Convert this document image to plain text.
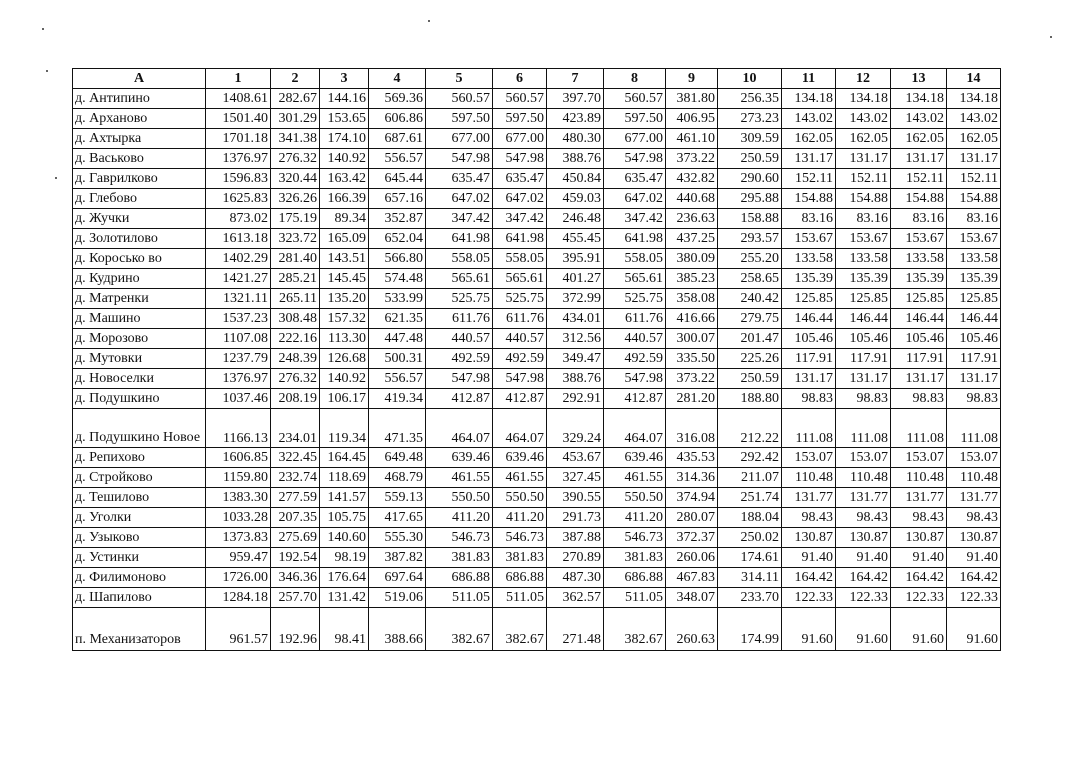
А	1	2	3	4	5	6	7	8	9	10	11	12	13	14
д. Антипино	1408.61	282.67	144.16	569.36	560.57	560.57	397.70	560.57	381.80	256.35	134.18	134.18	134.18	134.18
д. Арханово	1501.40	301.29	153.65	606.86	597.50	597.50	423.89	597.50	406.95	273.23	143.02	143.02	143.02	143.02
д. Ахтырка	1701.18	341.38	174.10	687.61	677.00	677.00	480.30	677.00	461.10	309.59	162.05	162.05	162.05	162.05
д. Васьково	1376.97	276.32	140.92	556.57	547.98	547.98	388.76	547.98	373.22	250.59	131.17	131.17	131.17	131.17
д. Гаврилково	1596.83	320.44	163.42	645.44	635.47	635.47	450.84	635.47	432.82	290.60	152.11	152.11	152.11	152.11
д. Глебово	1625.83	326.26	166.39	657.16	647.02	647.02	459.03	647.02	440.68	295.88	154.88	154.88	154.88	154.88
д. Жучки	873.02	175.19	89.34	352.87	347.42	347.42	246.48	347.42	236.63	158.88	83.16	83.16	83.16	83.16
д. Золотилово	1613.18	323.72	165.09	652.04	641.98	641.98	455.45	641.98	437.25	293.57	153.67	153.67	153.67	153.67
д. Коросько во	1402.29	281.40	143.51	566.80	558.05	558.05	395.91	558.05	380.09	255.20	133.58	133.58	133.58	133.58
д. Кудрино	1421.27	285.21	145.45	574.48	565.61	565.61	401.27	565.61	385.23	258.65	135.39	135.39	135.39	135.39
д. Матренки	1321.11	265.11	135.20	533.99	525.75	525.75	372.99	525.75	358.08	240.42	125.85	125.85	125.85	125.85
д. Машино	1537.23	308.48	157.32	621.35	611.76	611.76	434.01	611.76	416.66	279.75	146.44	146.44	146.44	146.44
д. Морозово	1107.08	222.16	113.30	447.48	440.57	440.57	312.56	440.57	300.07	201.47	105.46	105.46	105.46	105.46
д. Мутовки	1237.79	248.39	126.68	500.31	492.59	492.59	349.47	492.59	335.50	225.26	117.91	117.91	117.91	117.91
д. Новоселки	1376.97	276.32	140.92	556.57	547.98	547.98	388.76	547.98	373.22	250.59	131.17	131.17	131.17	131.17
д. Подушкино	1037.46	208.19	106.17	419.34	412.87	412.87	292.91	412.87	281.20	188.80	98.83	98.83	98.83	98.83
д. Подушкино Новое	1166.13	234.01	119.34	471.35	464.07	464.07	329.24	464.07	316.08	212.22	111.08	111.08	111.08	111.08
д. Репихово	1606.85	322.45	164.45	649.48	639.46	639.46	453.67	639.46	435.53	292.42	153.07	153.07	153.07	153.07
д. Стройково	1159.80	232.74	118.69	468.79	461.55	461.55	327.45	461.55	314.36	211.07	110.48	110.48	110.48	110.48
д. Тешилово	1383.30	277.59	141.57	559.13	550.50	550.50	390.55	550.50	374.94	251.74	131.77	131.77	131.77	131.77
д. Уголки	1033.28	207.35	105.75	417.65	411.20	411.20	291.73	411.20	280.07	188.04	98.43	98.43	98.43	98.43
д. Узыково	1373.83	275.69	140.60	555.30	546.73	546.73	387.88	546.73	372.37	250.02	130.87	130.87	130.87	130.87
д. Устинки	959.47	192.54	98.19	387.82	381.83	381.83	270.89	381.83	260.06	174.61	91.40	91.40	91.40	91.40
д. Филимоново	1726.00	346.36	176.64	697.64	686.88	686.88	487.30	686.88	467.83	314.11	164.42	164.42	164.42	164.42
д. Шапилово	1284.18	257.70	131.42	519.06	511.05	511.05	362.57	511.05	348.07	233.70	122.33	122.33	122.33	122.33
п. Механизаторов	961.57	192.96	98.41	388.66	382.67	382.67	271.48	382.67	260.63	174.99	91.60	91.60	91.60	91.60
